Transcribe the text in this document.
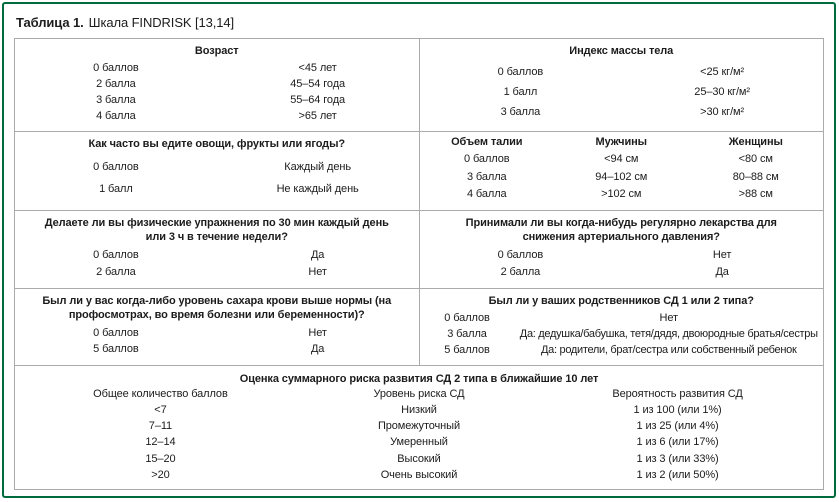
Таблица 1. Шкала FINDRISK [13,14]
Возраст
0 баллов	<45 лет
2 балла	45–54 года
3 балла	55–64 года
4 балла	>65 лет
Индекс массы тела
0 баллов	<25 кг/м²
1 балл	25–30 кг/м²
3 балла	>30 кг/м²
Как часто вы едите овощи, фрукты или ягоды?
0 баллов	Каждый день
1 балл	Не каждый день
Объем талии	Мужчины	Женщины
0 баллов	<94 см	<80 см
3 балла	94–102 см	80–88 см
4 балла	>102 см	>88 см
Делаете ли вы физические упражнения по 30 мин каждый день или 3 ч в течение недели?
0 баллов	Да
2 балла	Нет
Принимали ли вы когда-нибудь регулярно лекарства для снижения артериального давления?
0 баллов	Нет
2 балла	Да
Был ли у вас когда-либо уровень сахара крови выше нормы (на профосмотрах, во время болезни или беременности)?
0 баллов	Нет
5 баллов	Да
Был ли у ваших родственников СД 1 или 2 типа?
0 баллов	Нет
3 балла	Да: дедушка/бабушка, тетя/дядя, двоюродные братья/сестры
5 баллов	Да: родители, брат/сестра или собственный ребенок
Оценка суммарного риска развития СД 2 типа в ближайшие 10 лет
Общее количество баллов	Уровень риска СД	Вероятность развития СД
<7	Низкий	1 из 100 (или 1%)
7–11	Промежуточный	1 из 25 (или 4%)
12–14	Умеренный	1 из 6 (или 17%)
15–20	Высокий	1 из 3 (или 33%)
>20	Очень высокий	1 из 2 (или 50%)
